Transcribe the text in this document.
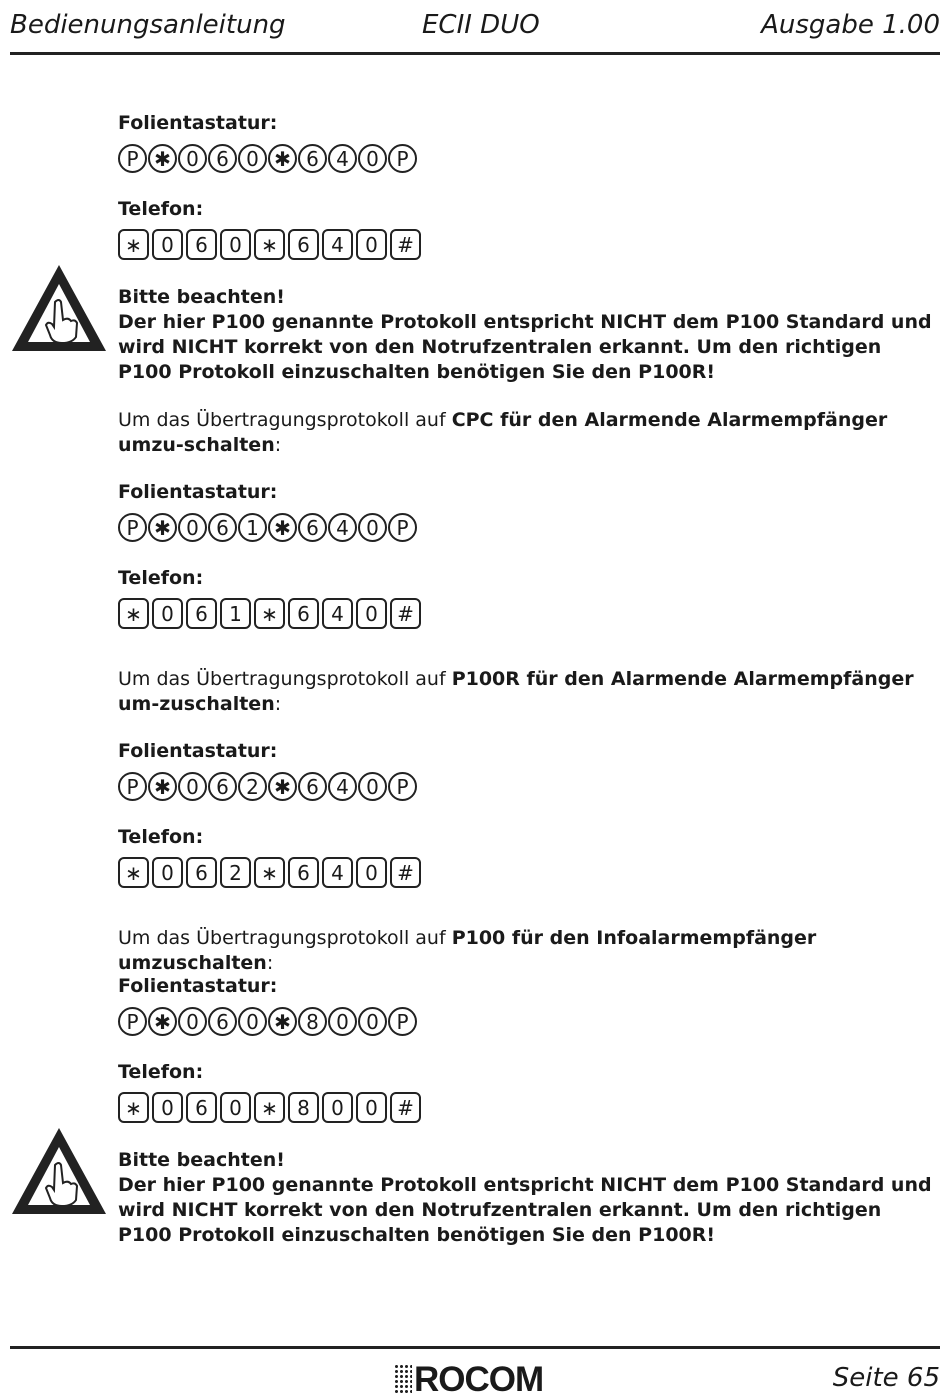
Bedienungsanleitung	ECII DUO	Ausgabe 1.00
Folientastatur:
P ✱ 0 6 0 ✱ 6 4 0 P
Telefon:
∗ 0	6	0 ∗ 6	4	0 #
Bitte beachten!
Der hier P100 genannte Protokoll entspricht NICHT dem P100 Standard und wird NICHT korrekt von den Notrufzentralen erkannt. Um den richtigen P100 Protokoll einzuschalten benötigen Sie den P100R!
Um das Übertragungsprotokoll auf CPC für den Alarmende Alarmempfänger umzu-schalten:
Folientastatur:
P ✱ 0 6 1 ✱ 6 4 0 P
Telefon:
∗ 0	6	1 ∗ 6	4	0 #
Um das Übertragungsprotokoll auf P100R für den Alarmende Alarmempfänger um-zuschalten:
Folientastatur:
P ✱ 0 6 2 ✱ 6 4 0 P
Telefon:
∗ 0	6	2 ∗ 6	4	0 #
Um das Übertragungsprotokoll auf P100 für den Infoalarmempfänger umzuschalten:
Folientastatur:
P ✱ 0 6 0 ✱ 8 0 0 P
Telefon:
∗ 0	6	0 ∗ 8	0	0 #
Bitte beachten!
Der hier P100 genannte Protokoll entspricht NICHT dem P100 Standard und wird NICHT korrekt von den Notrufzentralen erkannt. Um den richtigen P100 Protokoll einzuschalten benötigen Sie den P100R!
ROCOM	Seite 65
